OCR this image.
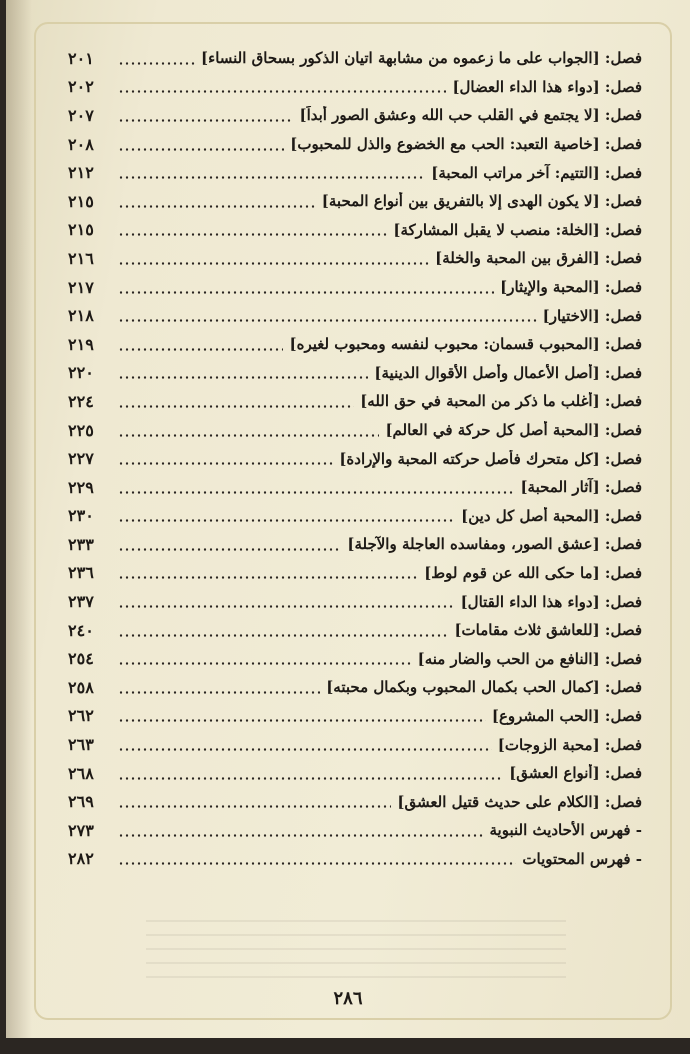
فصل: [الجواب على ما زعموه من مشابهة اتيان الذكور بسحاق النساء]
٢٠١
فصل: [دواء هذا الداء العضال]
٢٠٢
فصل: [لا يجتمع في القلب حب الله وعشق الصور أبداً]
٢٠٧
فصل: [خاصية التعبد: الحب مع الخضوع والذل للمحبوب]
٢٠٨
فصل: [التتيم: آخر مراتب المحبة]
٢١٢
فصل: [لا يكون الهدى إلا بالتفريق بين أنواع المحبة]
٢١٥
فصل: [الخلة: منصب لا يقبل المشاركة]
٢١٥
فصل: [الفرق بين المحبة والخلة]
٢١٦
فصل: [المحبة والإيثار]
٢١٧
فصل: [الاختيار]
٢١٨
فصل: [المحبوب قسمان: محبوب لنفسه ومحبوب لغيره]
٢١٩
فصل: [أصل الأعمال وأصل الأقوال الدينية]
٢٢٠
فصل: [أغلب ما ذكر من المحبة في حق الله]
٢٢٤
فصل: [المحبة أصل كل حركة في العالم]
٢٢٥
فصل: [كل متحرك فأصل حركته المحبة والإرادة]
٢٢٧
فصل: [آثار المحبة]
٢٢٩
فصل: [المحبة أصل كل دين]
٢٣٠
فصل: [عشق الصور، ومفاسده العاجلة والآجلة]
٢٣٣
فصل: [ما حكى الله عن قوم لوط]
٢٣٦
فصل: [دواء هذا الداء القتال]
٢٣٧
فصل: [للعاشق ثلاث مقامات]
٢٤٠
فصل: [النافع من الحب والضار منه]
٢٥٤
فصل: [كمال الحب بكمال المحبوب وبكمال محبته]
٢٥٨
فصل: [الحب المشروع]
٢٦٢
فصل: [محبة الزوجات]
٢٦٣
فصل: [أنواع العشق]
٢٦٨
فصل: [الكلام على حديث قتيل العشق]
٢٦٩
- فهرس الأحاديث النبوية
٢٧٣
- فهرس المحتويات
٢٨٢
٢٨٦
